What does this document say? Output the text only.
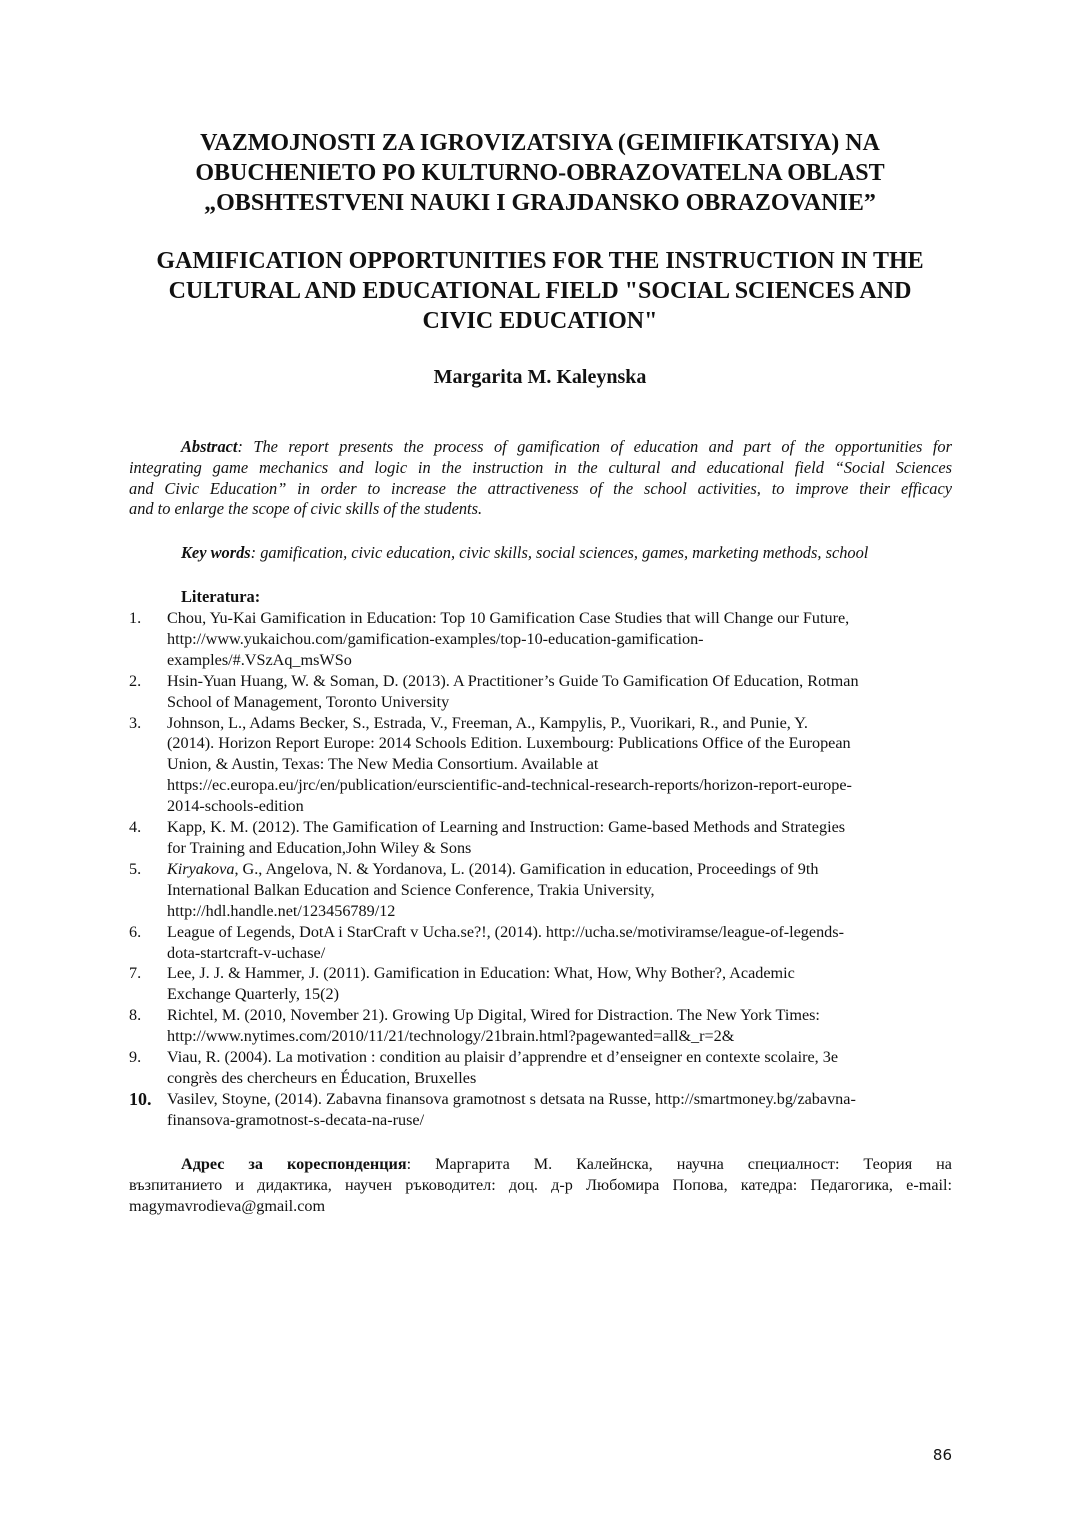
VAZMOJNOSTI ZA IGROVIZATSIYA (GEIMIFIKATSIYA) NA
OBUCHENIETO PO KULTURNO-OBRAZOVATELNA OBLAST
„OBSHTESTVENI NAUKI I GRAJDANSKO OBRAZOVANIE”
GAMIFICATION OPPORTUNITIES FOR THE INSTRUCTION IN THE
CULTURAL AND EDUCATIONAL FIELD "SOCIAL SCIENCES AND
CIVIC EDUCATION"
Margarita M. Kaleynska
Abstract: The report presents the process of gamification of education and part of the opportunities for
integrating game mechanics and logic in the instruction in the cultural and educational field “Social Sciences
and Civic Education” in order to increase the attractiveness of the school activities, to improve their efficacy
and to enlarge the scope of civic skills of the students.
Key words: gamification, civic education, civic skills, social sciences, games, marketing methods, school
Literatura:
1. Chou, Yu-Kai Gamification in Education: Top 10 Gamification Case Studies that will Change our Future,
http://www.yukaichou.com/gamification-examples/top-10-education-gamification-
examples/#.VSzAq_msWSo
2. Hsin-Yuan Huang, W. & Soman, D. (2013). A Practitioner’s Guide To Gamification Of Education, Rotman
School of Management, Toronto University
3. Johnson, L., Adams Becker, S., Estrada, V., Freeman, A., Kampylis, P., Vuorikari, R., and Punie, Y.
(2014). Horizon Report Europe: 2014 Schools Edition. Luxembourg: Publications Office of the European
Union, & Austin, Texas: The New Media Consortium. Available at
https://ec.europa.eu/jrc/en/publication/eurscientific-and-technical-research-reports/horizon-report-europe-
2014-schools-edition
4. Kapp, K. M. (2012). The Gamification of Learning and Instruction: Game-based Methods and Strategies
for Training and Education,John Wiley & Sons
5. Kiryakova, G., Angelova, N. & Yordanova, L. (2014). Gamification in education, Proceedings of 9th
International Balkan Education and Science Conference, Trakia University,
http://hdl.handle.net/123456789/12
6. League of Legends, DotA i StarCraft v Ucha.se?!, (2014). http://ucha.se/motiviramse/league-of-legends-
dota-startcraft-v-uchase/
7. Lee, J. J. & Hammer, J. (2011). Gamification in Education: What, How, Why Bother?, Academic
Exchange Quarterly, 15(2)
8. Richtel, M. (2010, November 21). Growing Up Digital, Wired for Distraction. The New York Times:
http://www.nytimes.com/2010/11/21/technology/21brain.html?pagewanted=all&_r=2&
9. Viau, R. (2004). La motivation : condition au plaisir d’apprendre et d’enseigner en contexte scolaire, 3e
congrès des chercheurs en Éducation, Bruxelles
10. Vasilev, Stoyne, (2014). Zabavna finansova gramotnost s detsata na Russe, http://smartmoney.bg/zabavna-
finansova-gramotnost-s-decata-na-ruse/
Адрес за кореспонденция: Маргарита М. Калейнска, научна специалност: Теория на
възпитанието и дидактика, научен ръководител: доц. д-р Любомира Попова, катедра: Педагогика, e-mail:
magymavrodieva@gmail.com
86
